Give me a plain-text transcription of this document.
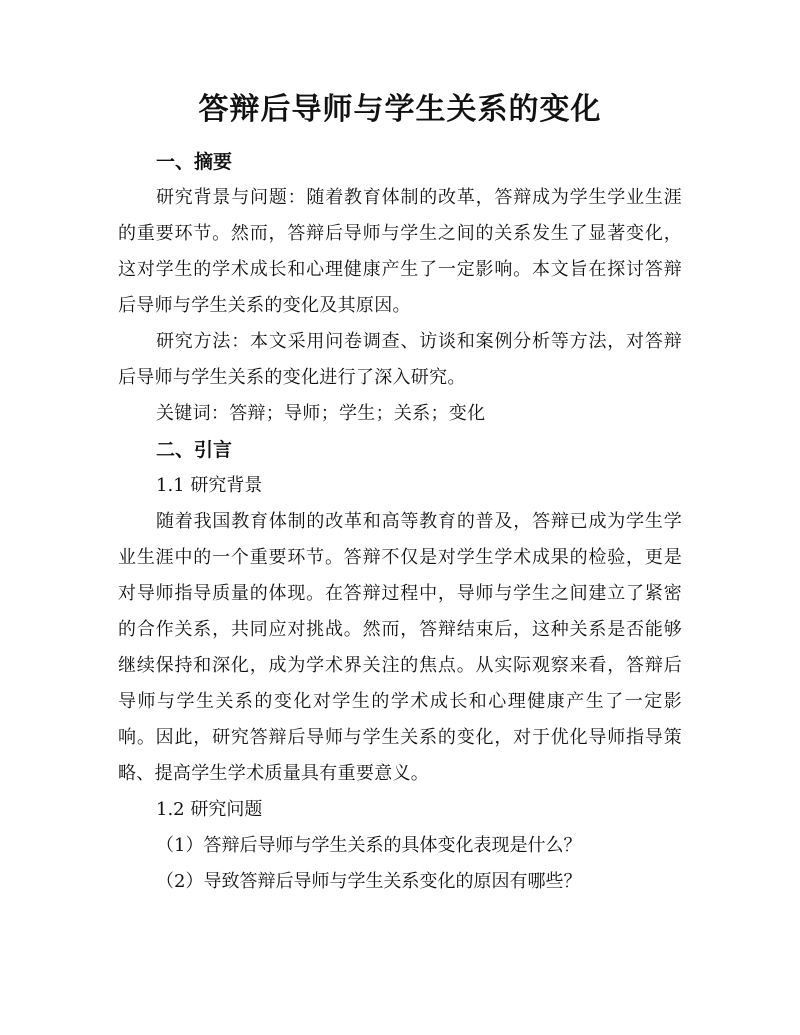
答辩后导师与学生关系的变化
一、摘要

研究背景与问题：随着教育体制的改革，答辩成为学生学业生涯的重要环节。然而，答辩后导师与学生之间的关系发生了显著变化，这对学生的学术成长和心理健康产生了一定影响。本文旨在探讨答辩后导师与学生关系的变化及其原因。

研究方法：本文采用问卷调查、访谈和案例分析等方法，对答辩后导师与学生关系的变化进行了深入研究。

关键词：答辩；导师；学生；关系；变化

二、引言
1.1 研究背景

随着我国教育体制的改革和高等教育的普及，答辩已成为学生学业生涯中的一个重要环节。答辩不仅是对学生学术成果的检验，更是对导师指导质量的体现。在答辩过程中，导师与学生之间建立了紧密的合作关系，共同应对挑战。然而，答辩结束后，这种关系是否能够继续保持和深化，成为学术界关注的焦点。从实际观察来看，答辩后导师与学生关系的变化对学生的学术成长和心理健康产生了一定影响。因此，研究答辩后导师与学生关系的变化，对于优化导师指导策略、提高学生学术质量具有重要意义。

1.2 研究问题
（1）答辩后导师与学生关系的具体变化表现是什么？
（2）导致答辩后导师与学生关系变化的原因有哪些？
